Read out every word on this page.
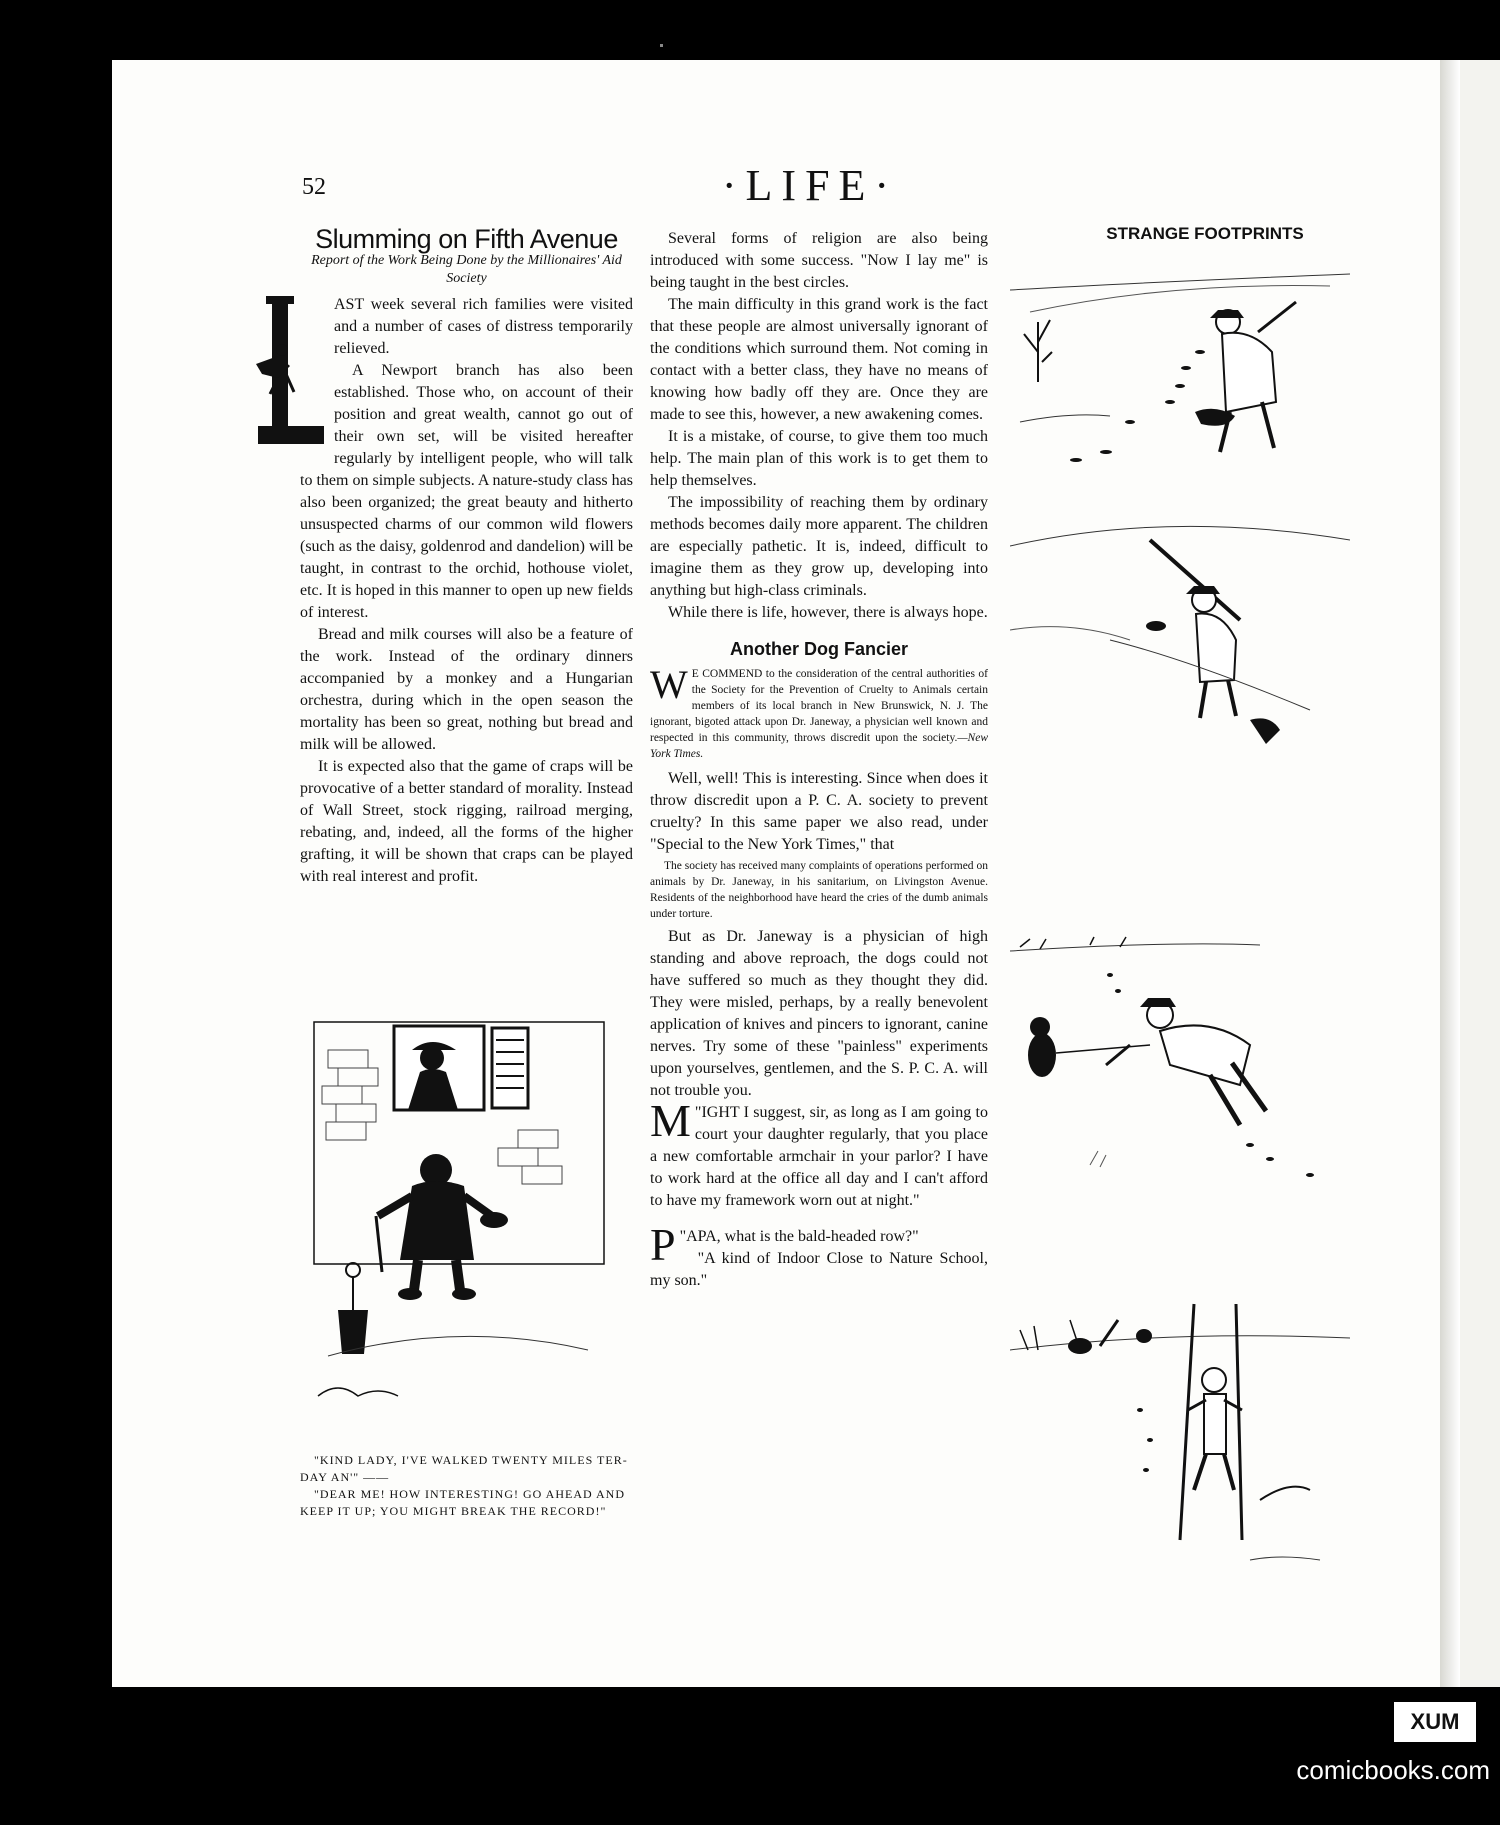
52	·LIFE·
Slumming on Fifth Avenue
Report of the Work Being Done by the Millionaires' Aid Society

AST week several rich families were visited and a number of cases of distress temporarily relieved.

A Newport branch has also been established. Those who, on account of their position and great wealth, cannot go out of their own set, will be visited hereafter regularly by intelligent people, who will talk to them on simple subjects. A nature-study class has also been organized; the great beauty and hitherto unsuspected charms of our common wild flowers (such as the daisy, goldenrod and dandelion) will be taught, in contrast to the orchid, hothouse violet, etc. It is hoped in this manner to open up new fields of interest.

Bread and milk courses will also be a feature of the work. Instead of the ordinary dinners accompanied by a monkey and a Hungarian orchestra, during which in the open season the mortality has been so great, nothing but bread and milk will be allowed.

It is expected also that the game of craps will be provocative of a better standard of morality. Instead of Wall Street, stock rigging, railroad merging, rebating, and, indeed, all the forms of the higher grafting, it will be shown that craps can be played with real interest and profit.

"KIND LADY, I'VE WALKED TWENTY MILES TER-DAY AN'" ——

"DEAR ME! HOW INTERESTING! GO AHEAD AND KEEP IT UP; YOU MIGHT BREAK THE RECORD!"

Several forms of religion are also being introduced with some success. "Now I lay me" is being taught in the best circles.

The main difficulty in this grand work is the fact that these people are almost universally ignorant of the conditions which surround them. Not coming in contact with a better class, they have no means of knowing how badly off they are. Once they are made to see this, however, a new awakening comes.

It is a mistake, of course, to give them too much help. The main plan of this work is to get them to help themselves.

The impossibility of reaching them by ordinary methods becomes daily more apparent. The children are especially pathetic. It is, indeed, difficult to imagine them as they grow up, developing into anything but high-class criminals.

While there is life, however, there is always hope.

Another Dog Fancier
W E COMMEND to the consideration of the central authorities of the Society for the Prevention of Cruelty to Animals certain members of its local branch in New Brunswick, N. J. The ignorant, bigoted attack upon Dr. Janeway, a physician well known and respected in this community, throws discredit upon the society.—New York Times.

Well, well! This is interesting. Since when does it throw discredit upon a P. C. A. society to prevent cruelty? In this same paper we also read, under "Special to the New York Times," that

The society has received many complaints of operations performed on animals by Dr. Janeway, in his sanitarium, on Livingston Avenue. Residents of the neighborhood have heard the cries of the dumb animals under torture.

But as Dr. Janeway is a physician of high standing and above reproach, the dogs could not have suffered so much as they thought they did. They were misled, perhaps, by a really benevolent application of knives and pincers to ignorant, canine nerves. Try some of these "painless" experiments upon yourselves, gentlemen, and the S. P. C. A. will not trouble you.

"
M IGHT I suggest, sir, as long as I am going to court your daughter regularly, that you place a new comfortable armchair in your parlor? I have to work hard at the office all day and I can't afford to have my framework worn out at night."

"
P APA, what is the bald-headed row?"

"A kind of Indoor Close to Nature School, my son."

STRANGE FOOTPRINTS
XUM
comicbooks.com
